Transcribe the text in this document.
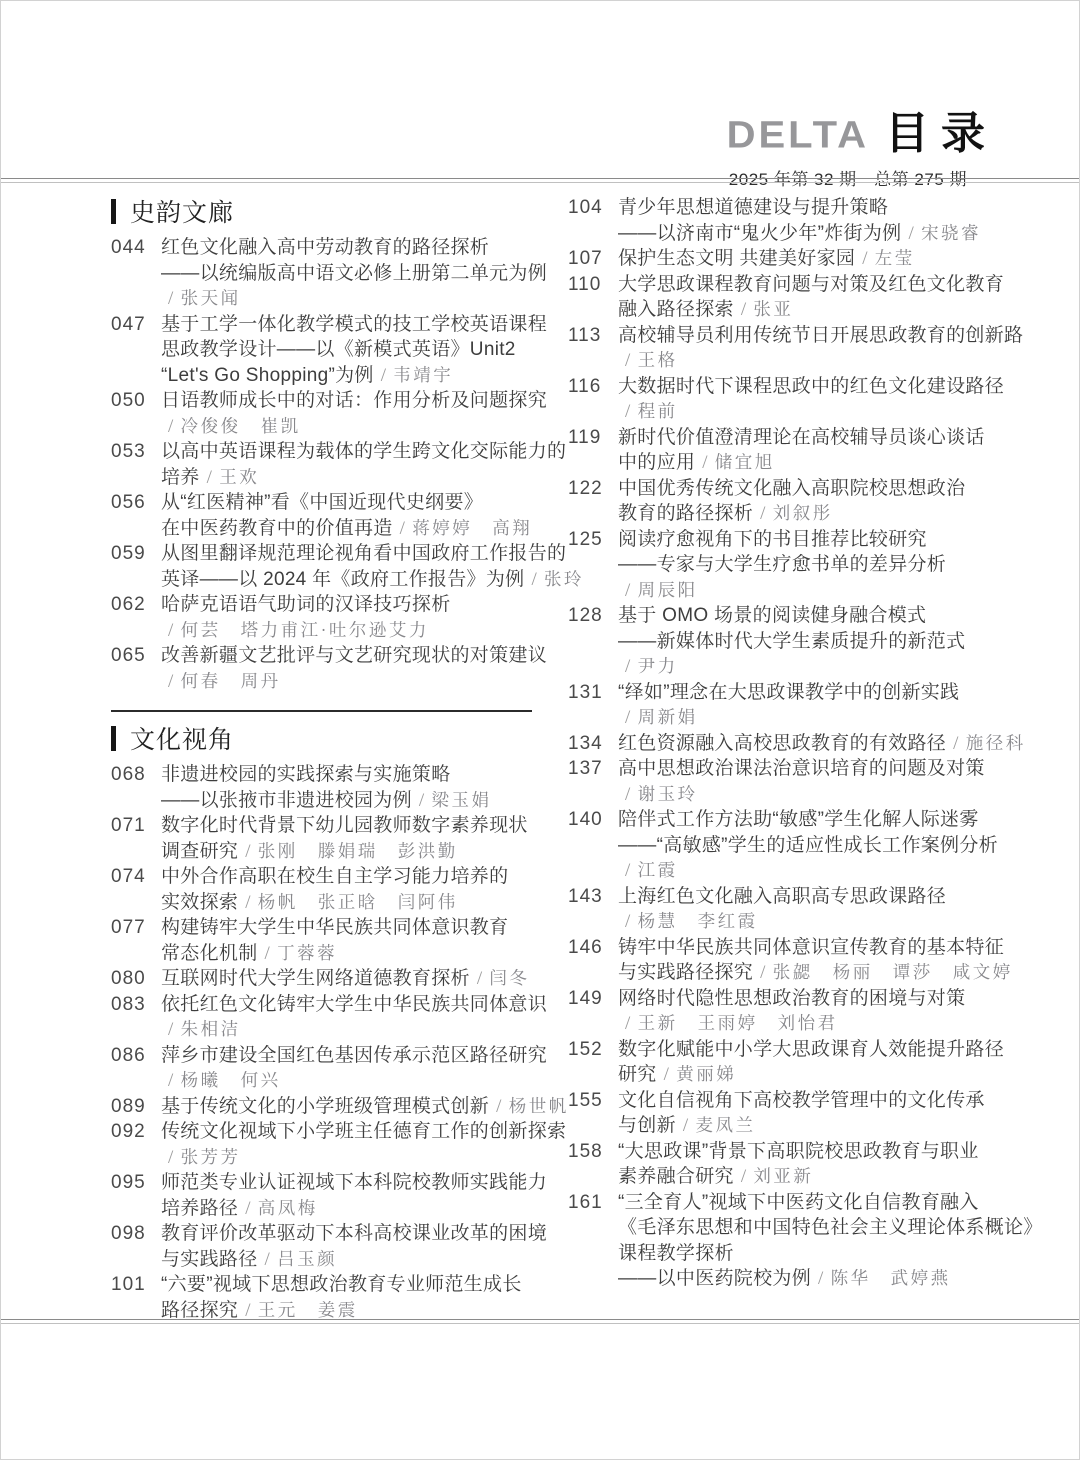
DELTA 目录
2025 年第 32 期　总第 275 期
史韵文廊
044 红色文化融入高中劳动教育的路径探析
——以统编版高中语文必修上册第二单元为例
/ 张天闻
047 基于工学一体化教学模式的技工学校英语课程
思政教学设计——以《新模式英语》Unit2
“Let's Go Shopping”为例 / 韦靖宇
050 日语教师成长中的对话：作用分析及问题探究
/ 冷俊俊　崔凯
053 以高中英语课程为载体的学生跨文化交际能力的
培养 / 王欢
056 从“红医精神”看《中国近现代史纲要》
在中医药教育中的价值再造 / 蒋婷婷　高翔
059 从图里翻译规范理论视角看中国政府工作报告的
英译——以 2024 年《政府工作报告》为例 / 张玲
062 哈萨克语语气助词的汉译技巧探析
/ 何芸　塔力甫江·吐尔逊艾力
065 改善新疆文艺批评与文艺研究现状的对策建议
/ 何春　周丹
文化视角
068 非遗进校园的实践探索与实施策略
——以张掖市非遗进校园为例 / 梁玉娟
071 数字化时代背景下幼儿园教师数字素养现状
调查研究 / 张刚　滕娟瑞　彭洪勤
074 中外合作高职在校生自主学习能力培养的
实效探索 / 杨帆　张正晗　闫阿伟
077 构建铸牢大学生中华民族共同体意识教育
常态化机制 / 丁蓉蓉
080 互联网时代大学生网络道德教育探析 / 闫冬
083 依托红色文化铸牢大学生中华民族共同体意识
/ 朱相洁
086 萍乡市建设全国红色基因传承示范区路径研究
/ 杨曦　何兴
089 基于传统文化的小学班级管理模式创新 / 杨世帆
092 传统文化视域下小学班主任德育工作的创新探索
/ 张芳芳
095 师范类专业认证视域下本科院校教师实践能力
培养路径 / 高凤梅
098 教育评价改革驱动下本科高校课业改革的困境
与实践路径 / 吕玉颜
101 “六要”视域下思想政治教育专业师范生成长
路径探究 / 王元　姜震
104 青少年思想道德建设与提升策略
——以济南市“鬼火少年”炸街为例 / 宋骁睿
107 保护生态文明 共建美好家园 / 左莹
110 大学思政课程教育问题与对策及红色文化教育
融入路径探索 / 张亚
113 高校辅导员利用传统节日开展思政教育的创新路
/ 王格
116 大数据时代下课程思政中的红色文化建设路径
/ 程前
119 新时代价值澄清理论在高校辅导员谈心谈话
中的应用 / 储宜旭
122 中国优秀传统文化融入高职院校思想政治
教育的路径探析 / 刘叙彤
125 阅读疗愈视角下的书目推荐比较研究
——专家与大学生疗愈书单的差异分析
/ 周辰阳
128 基于 OMO 场景的阅读健身融合模式
——新媒体时代大学生素质提升的新范式
/ 尹力
131 “绎如”理念在大思政课教学中的创新实践
/ 周新娟
134 红色资源融入高校思政教育的有效路径 / 施径科
137 高中思想政治课法治意识培育的问题及对策
/ 谢玉玲
140 陪伴式工作方法助“敏感”学生化解人际迷雾
——“高敏感”学生的适应性成长工作案例分析
/ 江霞
143 上海红色文化融入高职高专思政课路径
/ 杨慧　李红霞
146 铸牢中华民族共同体意识宣传教育的基本特征
与实践路径探究 / 张勰　杨丽　谭莎　咸文婷
149 网络时代隐性思想政治教育的困境与对策
/ 王新　王雨婷　刘怡君
152 数字化赋能中小学大思政课育人效能提升路径
研究 / 黄丽娣
155 文化自信视角下高校教学管理中的文化传承
与创新 / 麦凤兰
158 “大思政课”背景下高职院校思政教育与职业
素养融合研究 / 刘亚新
161 “三全育人”视域下中医药文化自信教育融入
《毛泽东思想和中国特色社会主义理论体系概论》
课程教学探析
——以中医药院校为例 / 陈华　武婷燕
